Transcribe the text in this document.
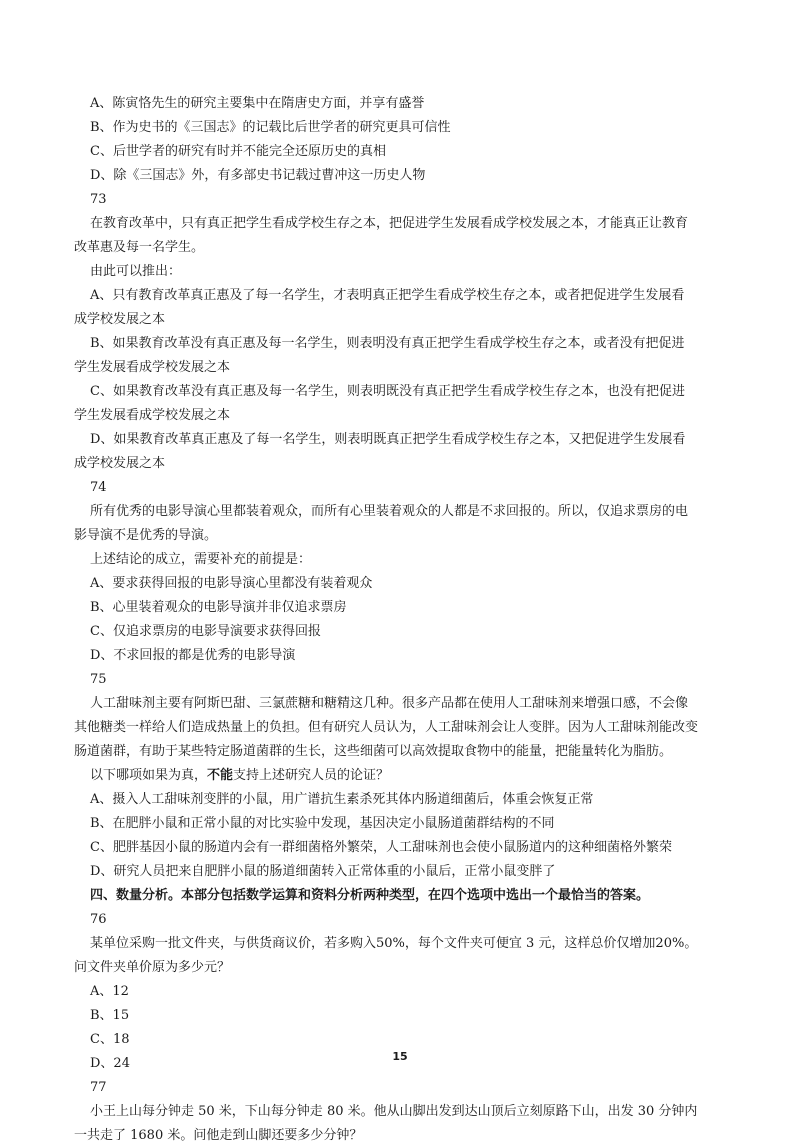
A、陈寅恪先生的研究主要集中在隋唐史方面，并享有盛誉
B、作为史书的《三国志》的记载比后世学者的研究更具可信性
C、后世学者的研究有时并不能完全还原历史的真相
D、除《三国志》外，有多部史书记载过曹冲这一历史人物
73
在教育改革中，只有真正把学生看成学校生存之本，把促进学生发展看成学校发展之本，才能真正让教育
改革惠及每一名学生。
由此可以推出：
A、只有教育改革真正惠及了每一名学生，才表明真正把学生看成学校生存之本，或者把促进学生发展看
成学校发展之本
B、如果教育改革没有真正惠及每一名学生，则表明没有真正把学生看成学校生存之本，或者没有把促进
学生发展看成学校发展之本
C、如果教育改革没有真正惠及每一名学生，则表明既没有真正把学生看成学校生存之本，也没有把促进
学生发展看成学校发展之本
D、如果教育改革真正惠及了每一名学生，则表明既真正把学生看成学校生存之本，又把促进学生发展看
成学校发展之本
74
所有优秀的电影导演心里都装着观众，而所有心里装着观众的人都是不求回报的。所以，仅追求票房的电
影导演不是优秀的导演。
上述结论的成立，需要补充的前提是：
A、要求获得回报的电影导演心里都没有装着观众
B、心里装着观众的电影导演并非仅追求票房
C、仅追求票房的电影导演要求获得回报
D、不求回报的都是优秀的电影导演
75
人工甜味剂主要有阿斯巴甜、三氯蔗糖和糖精这几种。很多产品都在使用人工甜味剂来增强口感，不会像
其他糖类一样给人们造成热量上的负担。但有研究人员认为，人工甜味剂会让人变胖。因为人工甜味剂能改变
肠道菌群，有助于某些特定肠道菌群的生长，这些细菌可以高效提取食物中的能量，把能量转化为脂肪。
以下哪项如果为真，不能支持上述研究人员的论证？
A、摄入人工甜味剂变胖的小鼠，用广谱抗生素杀死其体内肠道细菌后，体重会恢复正常
B、在肥胖小鼠和正常小鼠的对比实验中发现，基因决定小鼠肠道菌群结构的不同
C、肥胖基因小鼠的肠道内会有一群细菌格外繁荣，人工甜味剂也会使小鼠肠道内的这种细菌格外繁荣
D、研究人员把来自肥胖小鼠的肠道细菌转入正常体重的小鼠后，正常小鼠变胖了
四、数量分析。本部分包括数学运算和资料分析两种类型，在四个选项中选出一个最恰当的答案。
76
某单位采购一批文件夹，与供货商议价，若多购入50%，每个文件夹可便宜 3 元，这样总价仅增加20%。
问文件夹单价原为多少元？
A、12
B、15
C、18
D、24
77
小王上山每分钟走 50 米，下山每分钟走 80 米。他从山脚出发到达山顶后立刻原路下山，出发 30 分钟内
一共走了 1680 米。问他走到山脚还要多少分钟？
15
